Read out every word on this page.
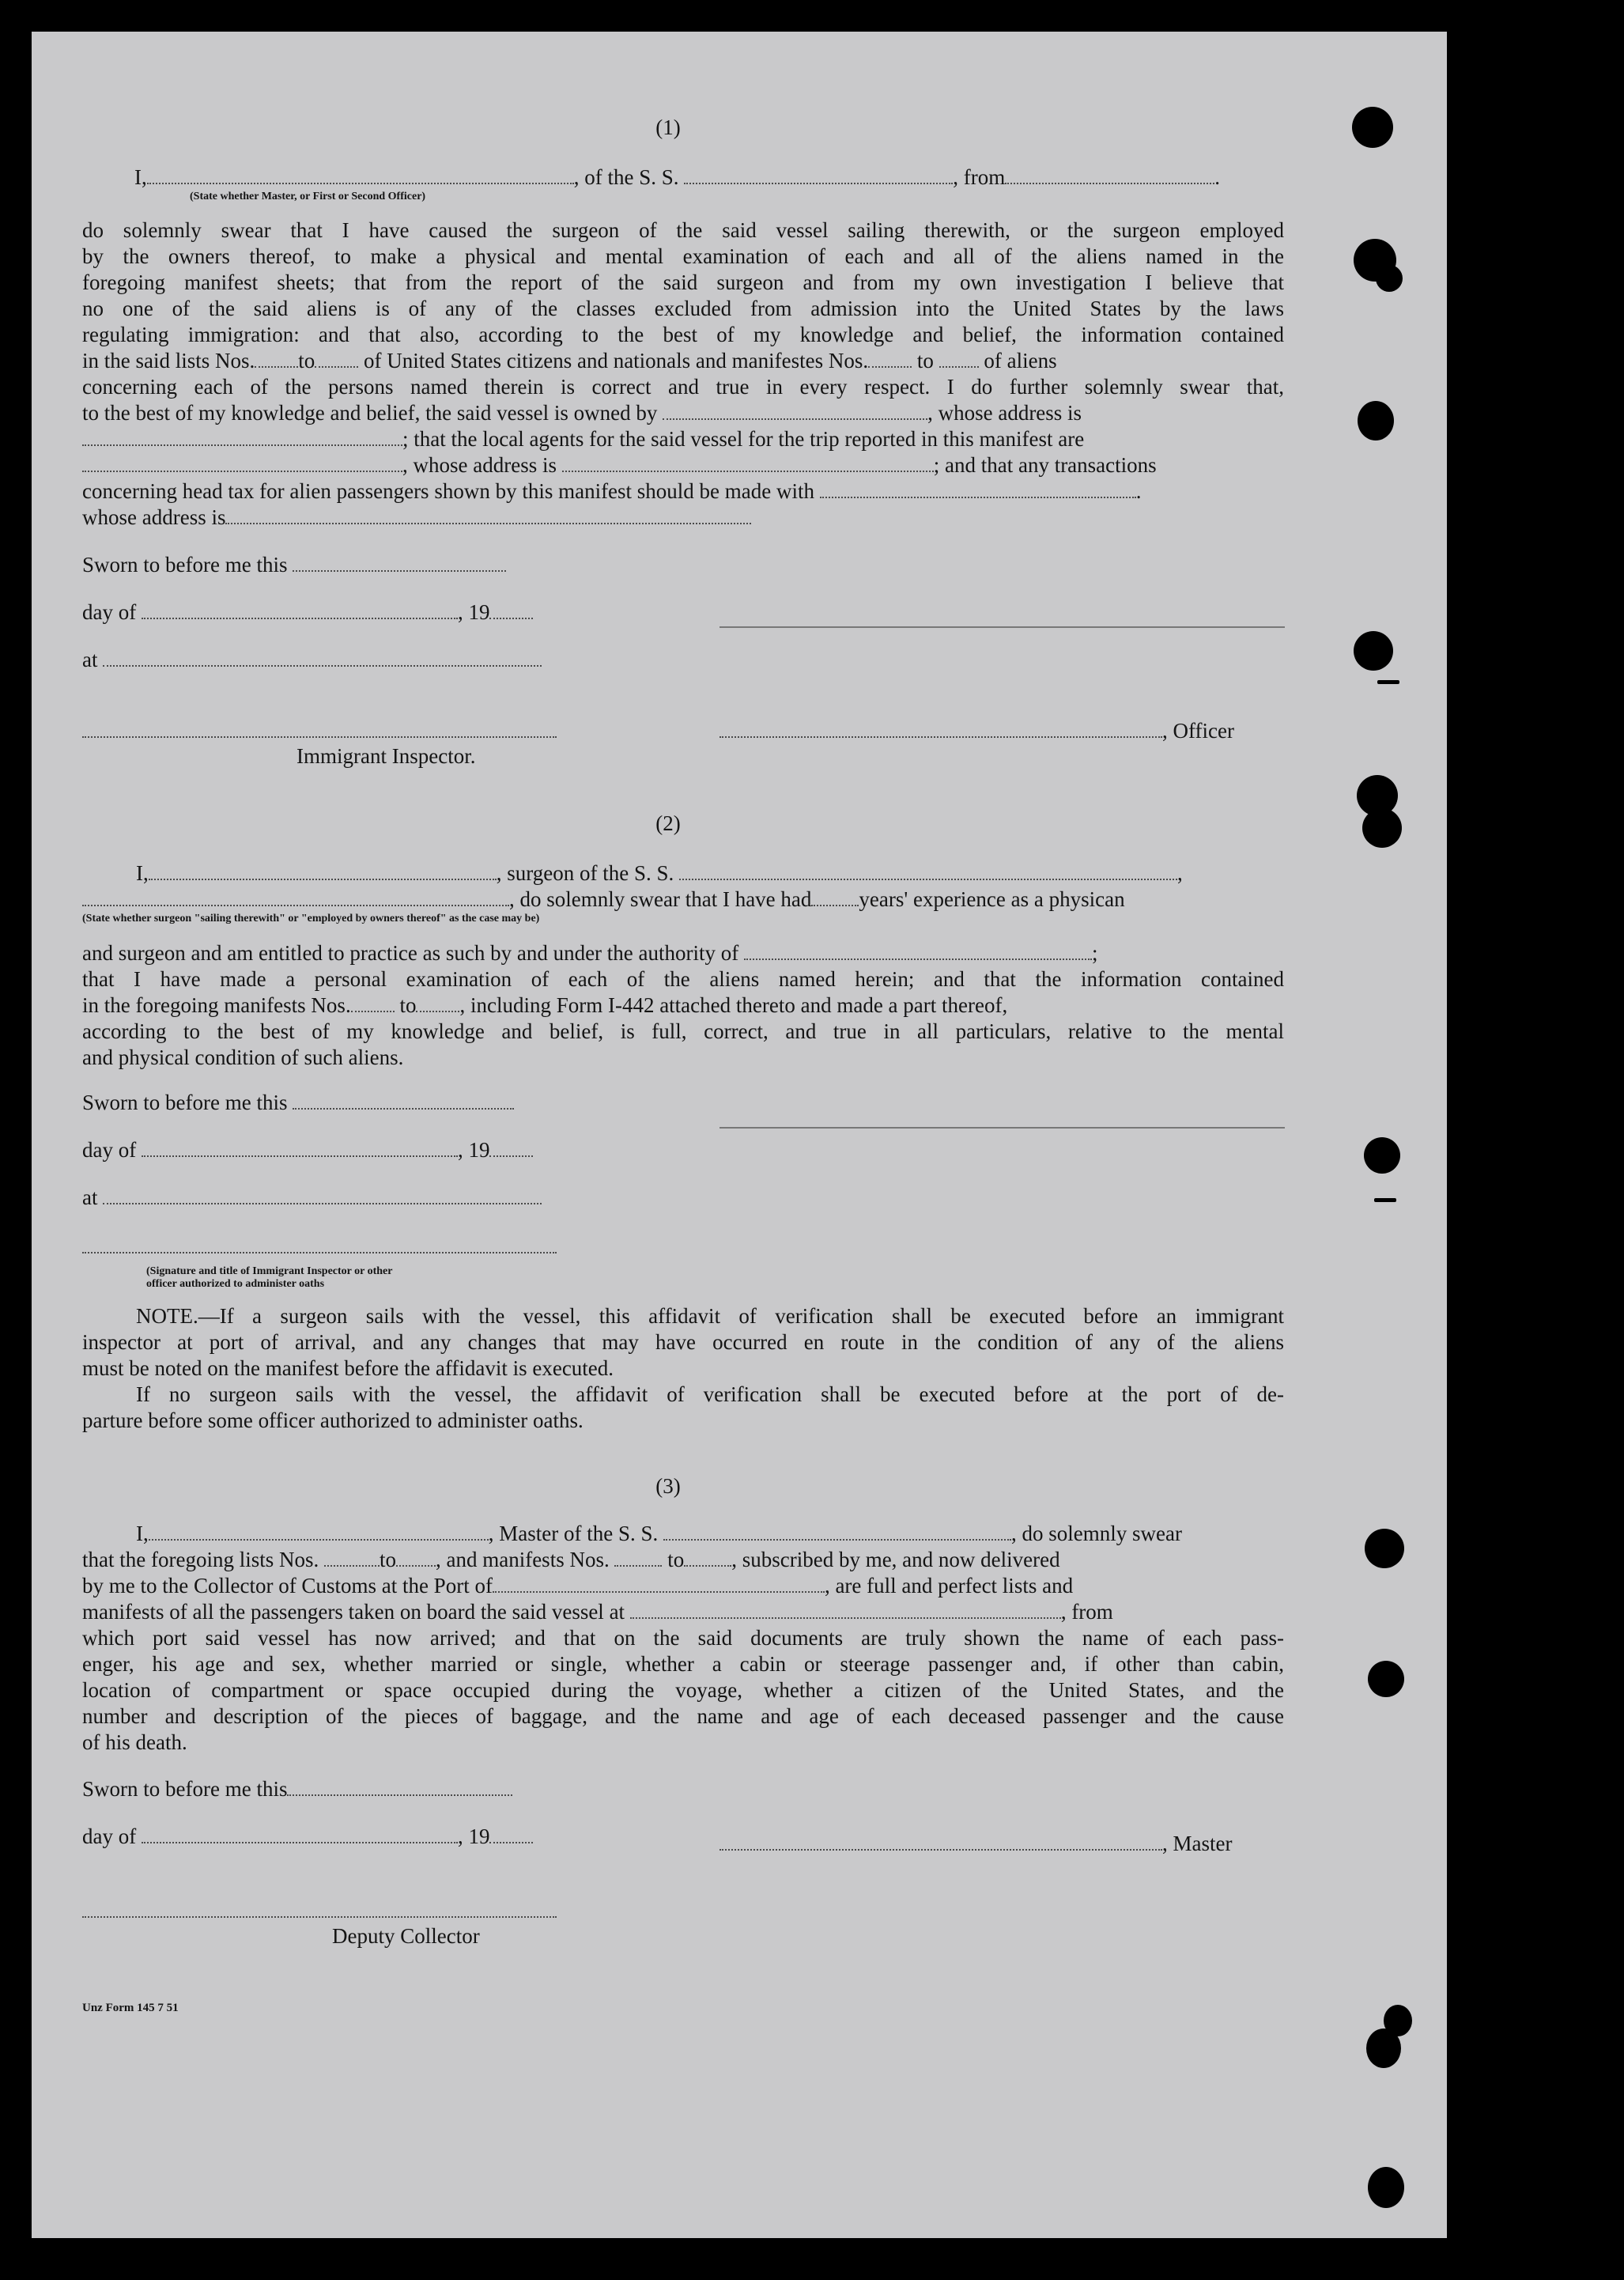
(1)
I,	, of the S. S.	, from	.
(State whether Master, or First or Second Officer)
do solemnly swear that I have caused the surgeon of the said vessel sailing therewith, or the surgeon employed
by the owners thereof, to make a physical and mental examination of each and all of the aliens named in the
foregoing manifest sheets; that from the report of the said surgeon and from my own investigation I believe that
no one of the said aliens is of any of the classes excluded from admission into the United States by the laws
regulating immigration: and that also, according to the best of my knowledge and belief, the information contained
in the said lists Nos. to of United States citizens and nationals and manifestes Nos. to of aliens
concerning each of the persons named therein is correct and true in every respect. I do further solemnly swear that,
to the best of my knowledge and belief, the said vessel is owned by	, whose address is
; that the local agents for the said vessel for the trip reported in this manifest are
, whose address is	; and that any transactions
concerning head tax for alien passengers shown by this manifest should be made with	.
whose address is
Sworn to before me this
day of	, 19
at
, Officer
Immigrant Inspector.
(2)
I,	, surgeon of the S. S.	,
, do solemnly swear that I have had years' experience as a physican
(State whether surgeon "sailing therewith" or "employed by owners thereof" as the case may be)
and surgeon and am entitled to practice as such by and under the authority of	;
that I have made a personal examination of each of the aliens named herein; and that the information contained
in the foregoing manifests Nos. to , including Form I-442 attached thereto and made a part thereof,
according to the best of my knowledge and belief, is full, correct, and true in all particulars, relative to the mental
and physical condition of such aliens.
Sworn to before me this
day of	, 19
at
(Signature and title of Immigrant Inspector or other
officer authorized to administer oaths
NOTE.—If a surgeon sails with the vessel, this affidavit of verification shall be executed before an immigrant
inspector at port of arrival, and any changes that may have occurred en route in the condition of any of the aliens
must be noted on the manifest before the affidavit is executed.
If no surgeon sails with the vessel, the affidavit of verification shall be executed before at the port of de-
parture before some officer authorized to administer oaths.
(3)
I,	, Master of the S. S.	, do solemnly swear
that the foregoing lists Nos.	to , and manifests Nos.	to , subscribed by me, and now delivered
by me to the Collector of Customs at the Port of	, are full and perfect lists and
manifests of all the passengers taken on board the said vessel at	, from
which port said vessel has now arrived; and that on the said documents are truly shown the name of each pass-
enger, his age and sex, whether married or single, whether a cabin or steerage passenger and, if other than cabin,
location of compartment or space occupied during the voyage, whether a citizen of the United States, and the
number and description of the pieces of baggage, and the name and age of each deceased passenger and the cause
of his death.
Sworn to before me this
day of	, 19	, Master
Deputy Collector
Unz Form 145 7 51
